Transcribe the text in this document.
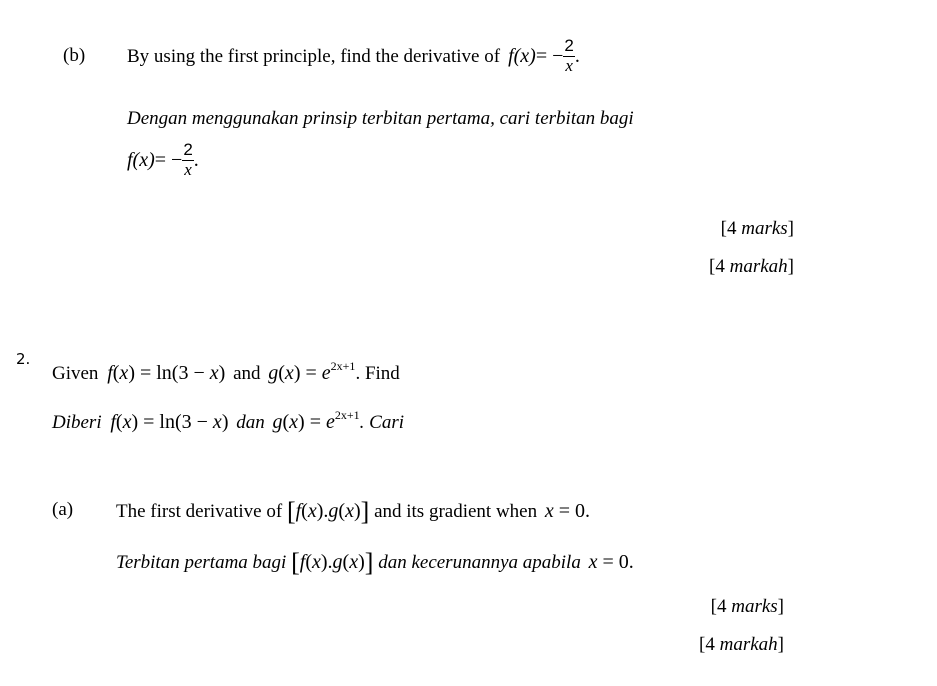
(b) By using the first principle, find the derivative of $f(x)= - \frac{2}{x}$ .
Dengan menggunakan prinsip terbitan pertama, cari terbitan bagi
$f(x)= - \frac{2}{x}$ .
[4 marks]
[4 markah]
2.
Given f(x) = ln(3 − x) and $g(x) = e^{2x+1}$. Find
Diberi f(x) = ln(3 − x) dan $g(x) = e^{2x+1}$. Cari
(a) The first derivative of [f(x).g(x)] and its gradient when x = 0.
Terbitan pertama bagi [f(x).g(x)] dan kecerunannya apabila x = 0.
[4 marks]
[4 markah]
